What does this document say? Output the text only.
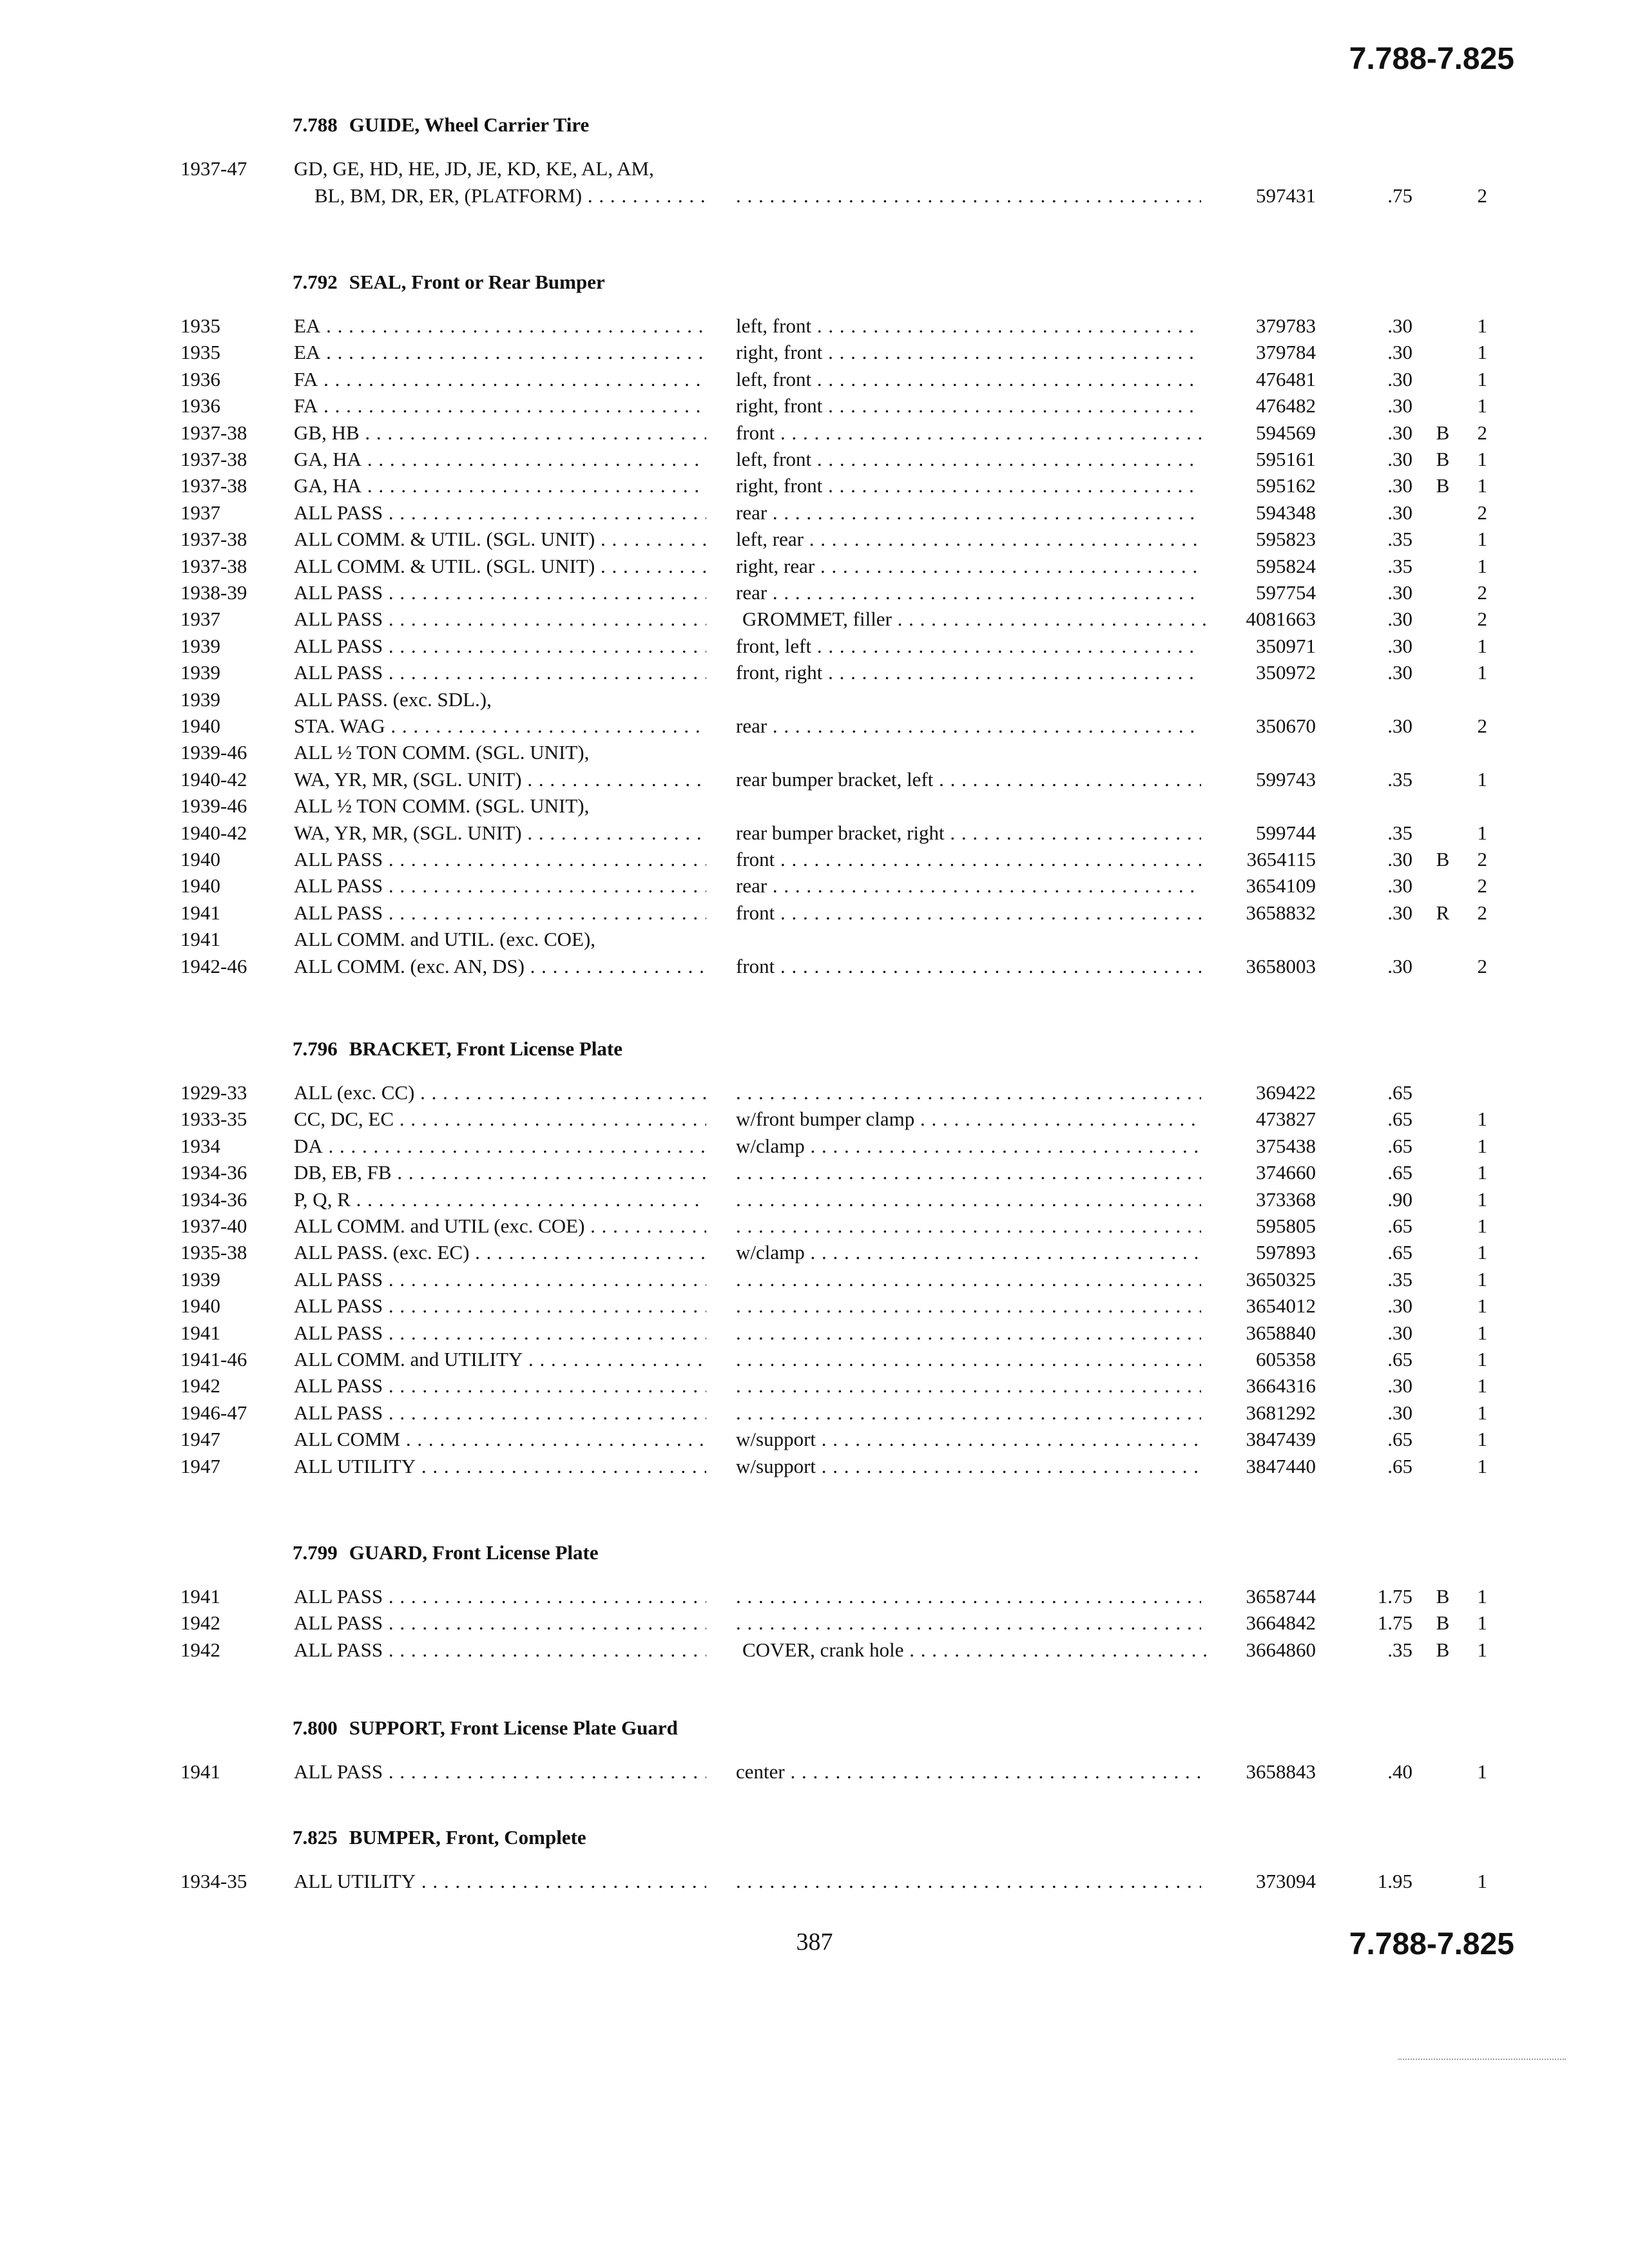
7.788-7.825
7.788 GUIDE, Wheel Carrier Tire
1937-47	GD, GE, HD, HE, JD, JE, KD, KE, AL, AM,
BL, BM, DR, ER, (PLATFORM) . . . . . .	597431	.75	2
7.792 SEAL, Front or Rear Bumper
1935	EA . . .	left, front . . .	379783	.30	1
1935	EA . . .	right, front . . .	379784	.30	1
1936	FA . . .	left, front . . .	476481	.30	1
1936	FA . . .	right, front . . .	476482	.30	1
1937-38	GB, HB . . .	front . . .	594569	.30 B	2
1937-38	GA, HA . . .	left, front . . .	595161	.30 B	1
1937-38	GA, HA . . .	right, front . . .	595162	.30 B	1
1937	ALL PASS . . .	rear . . .	594348	.30	2
1937-38	ALL COMM. & UTIL. (SGL. UNIT) . . .	left, rear . . .	595823	.35	1
1937-38	ALL COMM. & UTIL. (SGL. UNIT) . . .	right, rear . . .	595824	.35	1
1938-39	ALL PASS . . .	rear . . .	597754	.30	2
1937	ALL PASS . . .	GROMMET, filler . . .	4081663	.30	2
1939	ALL PASS . . .	front, left . . .	350971	.30	1
1939	ALL PASS . . .	front, right . . .	350972	.30	1
1939	ALL PASS. (exc. SDL.),
1940	STA. WAG . . .	rear . . .	350670	.30	2
1939-46	ALL ½ TON COMM. (SGL. UNIT),
1940-42	WA, YR, MR, (SGL. UNIT) . . .	rear bumper bracket, left . . .	599743	.35	1
1939-46	ALL ½ TON COMM. (SGL. UNIT),
1940-42	WA, YR, MR, (SGL. UNIT) . . .	rear bumper bracket, right . . .	599744	.35	1
1940	ALL PASS . . .	front . . .	3654115	.30 B	2
1940	ALL PASS . . .	rear . . .	3654109	.30	2
1941	ALL PASS . . .	front . . .	3658832	.30 R	2
1941	ALL COMM. and UTIL. (exc. COE),
1942-46	ALL COMM. (exc. AN, DS) . . .	front . . .	3658003	.30	2
7.796 BRACKET, Front License Plate
1929-33	ALL (exc. CC) . . . . . .	369422	.65
1933-35	CC, DC, EC . . .	w/front bumper clamp . . .	473827	.65	1
1934	DA . . .	w/clamp . . .	375438	.65	1
1934-36	DB, EB, FB . . . . . .	374660	.65	1
1934-36	P, Q, R . . . . . .	373368	.90	1
1937-40	ALL COMM. and UTIL (exc. COE) . . . . . .	595805	.65	1
1935-38	ALL PASS. (exc. EC) . . .	w/clamp . . .	597893	.65	1
1939	ALL PASS . . . . . .	3650325	.35	1
1940	ALL PASS . . . . . .	3654012	.30	1
1941	ALL PASS . . . . . .	3658840	.30	1
1941-46	ALL COMM. and UTILITY . . . . . .	605358	.65	1
1942	ALL PASS . . . . . .	3664316	.30	1
1946-47	ALL PASS . . . . . .	3681292	.30	1
1947	ALL COMM . . .	w/support . . .	3847439	.65	1
1947	ALL UTILITY . . .	w/support . . .	3847440	.65	1
7.799 GUARD, Front License Plate
1941	ALL PASS . . . . . .	3658744	1.75 B	1
1942	ALL PASS . . . . . .	3664842	1.75 B	1
1942	ALL PASS . . .	COVER, crank hole . . .	3664860	.35 B	1
7.800 SUPPORT, Front License Plate Guard
1941	ALL PASS . . .	center . . .	3658843	.40	1
7.825 BUMPER, Front, Complete
1934-35	ALL UTILITY . . . . . .	373094	1.95	1
387	7.788-7.825
